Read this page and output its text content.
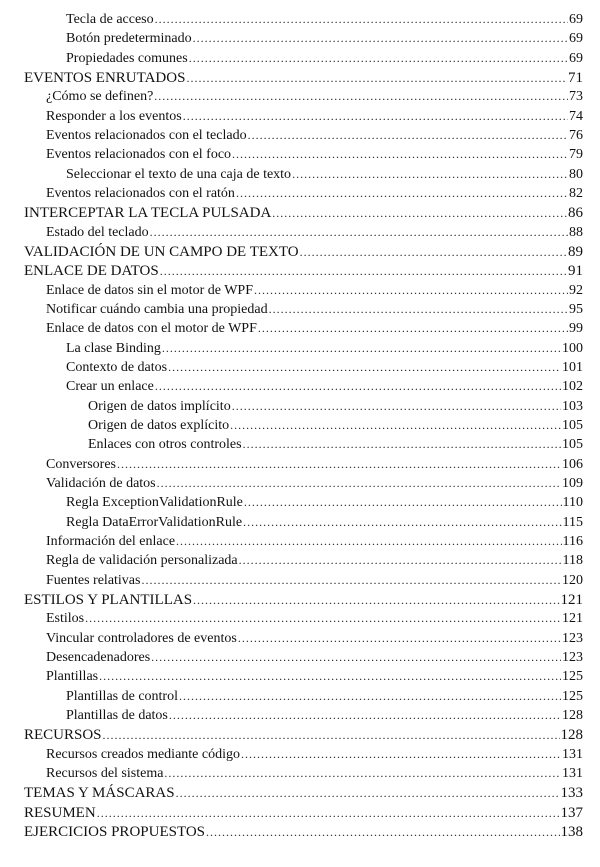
Tecla de acceso .....	69
Botón predeterminado .....	69
Propiedades comunes .....	69
EVENTOS ENRUTADOS .....	71
¿Cómo se definen? .....	73
Responder a los eventos .....	74
Eventos relacionados con el teclado .....	76
Eventos relacionados con el foco .....	79
Seleccionar el texto de una caja de texto .....	80
Eventos relacionados con el ratón .....	82
INTERCEPTAR LA TECLA PULSADA .....	86
Estado del teclado .....	88
VALIDACIÓN DE UN CAMPO DE TEXTO .....	89
ENLACE DE DATOS .....	91
Enlace de datos sin el motor de WPF .....	92
Notificar cuándo cambia una propiedad .....	95
Enlace de datos con el motor de WPF .....	99
La clase Binding .....	100
Contexto de datos .....	101
Crear un enlace .....	102
Origen de datos implícito .....	103
Origen de datos explícito .....	105
Enlaces con otros controles .....	105
Conversores .....	106
Validación de datos .....	109
Regla ExceptionValidationRule .....	110
Regla DataErrorValidationRule .....	115
Información del enlace .....	116
Regla de validación personalizada .....	118
Fuentes relativas .....	120
ESTILOS Y PLANTILLAS .....	121
Estilos .....	121
Vincular controladores de eventos .....	123
Desencadenadores .....	123
Plantillas .....	125
Plantillas de control .....	125
Plantillas de datos .....	128
RECURSOS .....	128
Recursos creados mediante código .....	131
Recursos del sistema .....	131
TEMAS Y MÁSCARAS .....	133
RESUMEN .....	137
EJERCICIOS PROPUESTOS .....	138
